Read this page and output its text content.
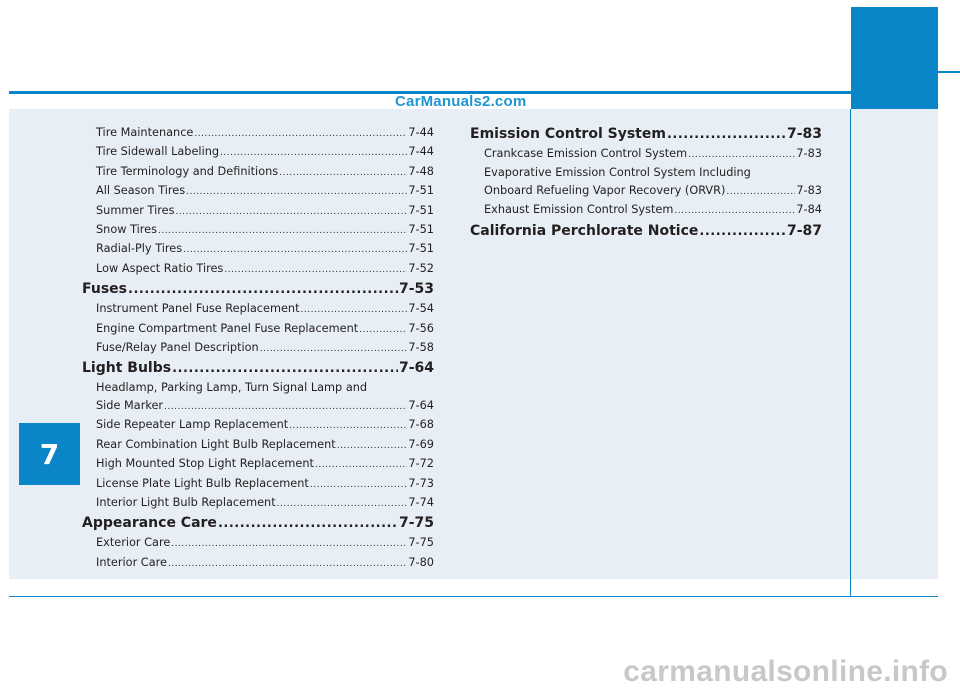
CarManuals2.com
7
Tire Maintenance .....	7-44
Tire Sidewall Labeling .....	7-44
Tire Terminology and Definitions .....	7-48
All Season Tires .....	7-51
Summer Tires .....	7-51
Snow Tires .....	7-51
Radial-Ply Tires .....	7-51
Low Aspect Ratio Tires .....	7-52
Fuses .....	7-53
Instrument Panel Fuse Replacement .....	7-54
Engine Compartment Panel Fuse Replacement .....	7-56
Fuse/Relay Panel Description .....	7-58
Light Bulbs .....	7-64
Headlamp, Parking Lamp, Turn Signal Lamp and
Side Marker .....	7-64
Side Repeater Lamp Replacement .....	7-68
Rear Combination Light Bulb Replacement .....	7-69
High Mounted Stop Light Replacement .....	7-72
License Plate Light Bulb Replacement .....	7-73
Interior Light Bulb Replacement .....	7-74
Appearance Care .....	7-75
Exterior Care .....	7-75
Interior Care .....	7-80
Emission Control System .....	7-83
Crankcase Emission Control System .....	7-83
Evaporative Emission Control System Including
Onboard Refueling Vapor Recovery (ORVR) .....	7-83
Exhaust Emission Control System .....	7-84
California Perchlorate Notice .....	7-87
carmanualsonline.info
